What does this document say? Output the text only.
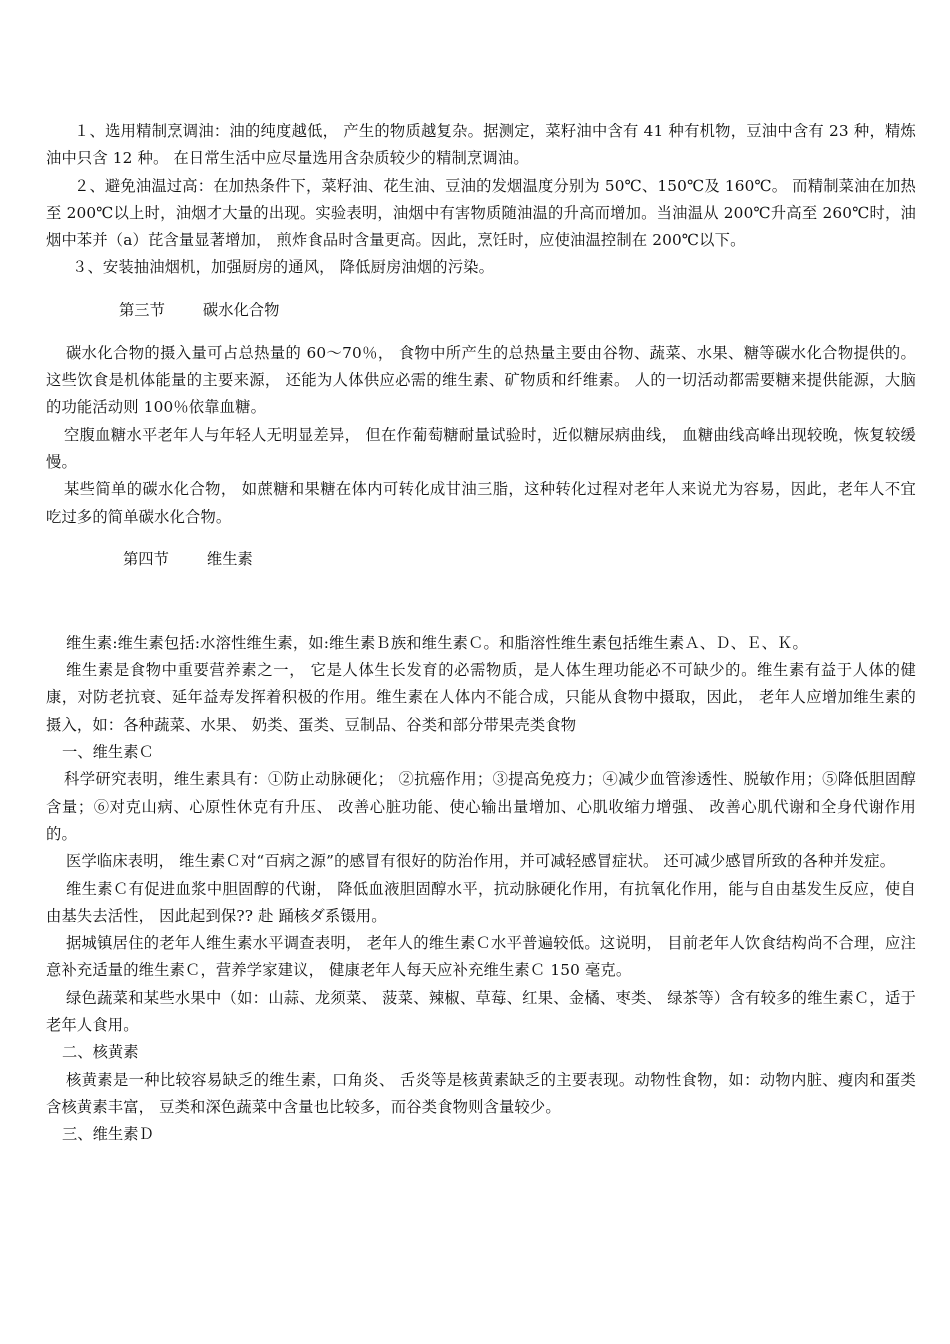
１、选用精制烹调油：油的纯度越低， 产生的物质越复杂。据测定，菜籽油中含有 41 种有机物，豆油中含有 23 种，精炼油中只含 12 种。 在日常生活中应尽量选用含杂质较少的精制烹调油。

２、避免油温过高：在加热条件下，菜籽油、花生油、豆油的发烟温度分别为 50℃、150℃及 160℃。 而精制菜油在加热至 200℃以上时，油烟才大量的出现。实验表明，油烟中有害物质随油温的升高而增加。当油温从 200℃升高至 260℃时，油烟中苯并（a）芘含量显著增加， 煎炸食品时含量更高。因此，烹饪时，应使油温控制在 200℃以下。

３、安装抽油烟机，加强厨房的通风， 降低厨房油烟的污染。

第三节 碳水化合物

碳水化合物的摄入量可占总热量的 60～70％， 食物中所产生的总热量主要由谷物、蔬菜、水果、糖等碳水化合物提供的。这些饮食是机体能量的主要来源， 还能为人体供应必需的维生素、矿物质和纤维素。 人的一切活动都需要糖来提供能源，大脑的功能活动则 100％依靠血糖。

空腹血糖水平老年人与年轻人无明显差异， 但在作葡萄糖耐量试验时，近似糖尿病曲线， 血糖曲线高峰出现较晚，恢复较缓慢。

某些简单的碳水化合物， 如蔗糖和果糖在体内可转化成甘油三脂，这种转化过程对老年人来说尤为容易，因此，老年人不宜吃过多的简单碳水化合物。

第四节 维生素

维生素:维生素包括:水溶性维生素，如:维生素Ｂ族和维生素Ｃ。和脂溶性维生素包括维生素Ａ、Ｄ、Ｅ、Ｋ。

维生素是食物中重要营养素之一， 它是人体生长发育的必需物质，是人体生理功能必不可缺少的。维生素有益于人体的健康，对防老抗衰、延年益寿发挥着积极的作用。维生素在人体内不能合成，只能从食物中摄取，因此， 老年人应增加维生素的摄入，如：各种蔬菜、水果、 奶类、蛋类、豆制品、谷类和部分带果壳类食物

一、维生素Ｃ

科学研究表明，维生素具有：①防止动脉硬化； ②抗癌作用；③提高免疫力；④减少血管渗透性、脱敏作用；⑤降低胆固醇含量；⑥对克山病、心原性休克有升压、 改善心脏功能、使心输出量增加、心肌收缩力增强、 改善心肌代谢和全身代谢作用的。

医学临床表明， 维生素Ｃ对“百病之源”的感冒有很好的防治作用，并可减轻感冒症状。 还可减少感冒所致的各种并发症。

维生素Ｃ有促进血浆中胆固醇的代谢， 降低血液胆固醇水平，抗动脉硬化作用，有抗氧化作用，能与自由基发生反应，使自由基失去活性， 因此起到保?? 赴 踊核ダ系镊用。

据城镇居住的老年人维生素水平调查表明， 老年人的维生素Ｃ水平普遍较低。这说明， 目前老年人饮食结构尚不合理，应注意补充适量的维生素Ｃ，营养学家建议， 健康老年人每天应补充维生素Ｃ 150 毫克。

绿色蔬菜和某些水果中（如：山蒜、龙须菜、 菠菜、辣椒、草莓、红果、金橘、枣类、 绿茶等）含有较多的维生素Ｃ，适于老年人食用。

二、核黄素

核黄素是一种比较容易缺乏的维生素，口角炎、 舌炎等是核黄素缺乏的主要表现。动物性食物，如：动物内脏、瘦肉和蛋类含核黄素丰富， 豆类和深色蔬菜中含量也比较多，而谷类食物则含量较少。

三、维生素Ｄ
